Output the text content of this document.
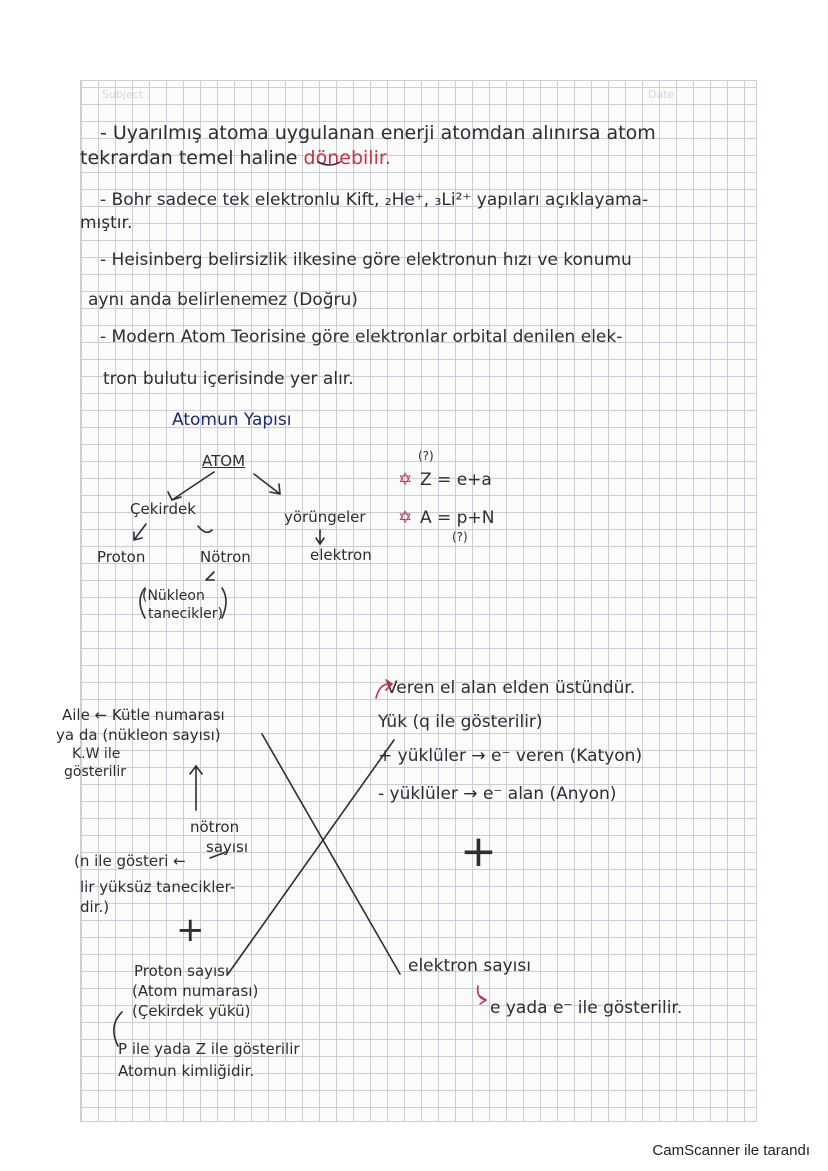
Subject :	Date
- Uyarılmış atoma uygulanan enerji atomdan alınırsa atom
tekrardan temel haline dönebilir.
- Bohr sadece tek elektronlu Kift, ₂He⁺, ₃Li²⁺ yapıları açıklayama-
mıştır.
- Heisinberg belirsizlik ilkesine göre elektronun hızı ve konumu
aynı anda belirlenemez (Doğru)
- Modern Atom Teorisine göre elektronlar orbital denilen elek-
tron bulutu içerisinde yer alır.
Atomun Yapısı
ATOM
Çekirdek	yörüngeler
Proton	Nötron	elektron
(Nükleon
tanecikler)
(?)
✡ Z = e+a
✡ A = p+N
(?)
Aile ← Kütle numarası
ya da (nükleon sayısı)
K.W ile
gösterilir
nötron
sayısı
(n ile gösteri ←
lir yüksüz tanecikler-
dir.)
+
Veren el alan elden üstündür.
Yük (q ile gösterilir)
+ yüklüler → e⁻ veren (Katyon)
- yüklüler → e⁻ alan (Anyon)
+
Proton sayısı
(Atom numarası)
(Çekirdek yükü)
P ile yada Z ile gösterilir
Atomun kimliğidir.
elektron sayısı
e yada e⁻ ile gösterilir.
CamScanner ile tarandı
